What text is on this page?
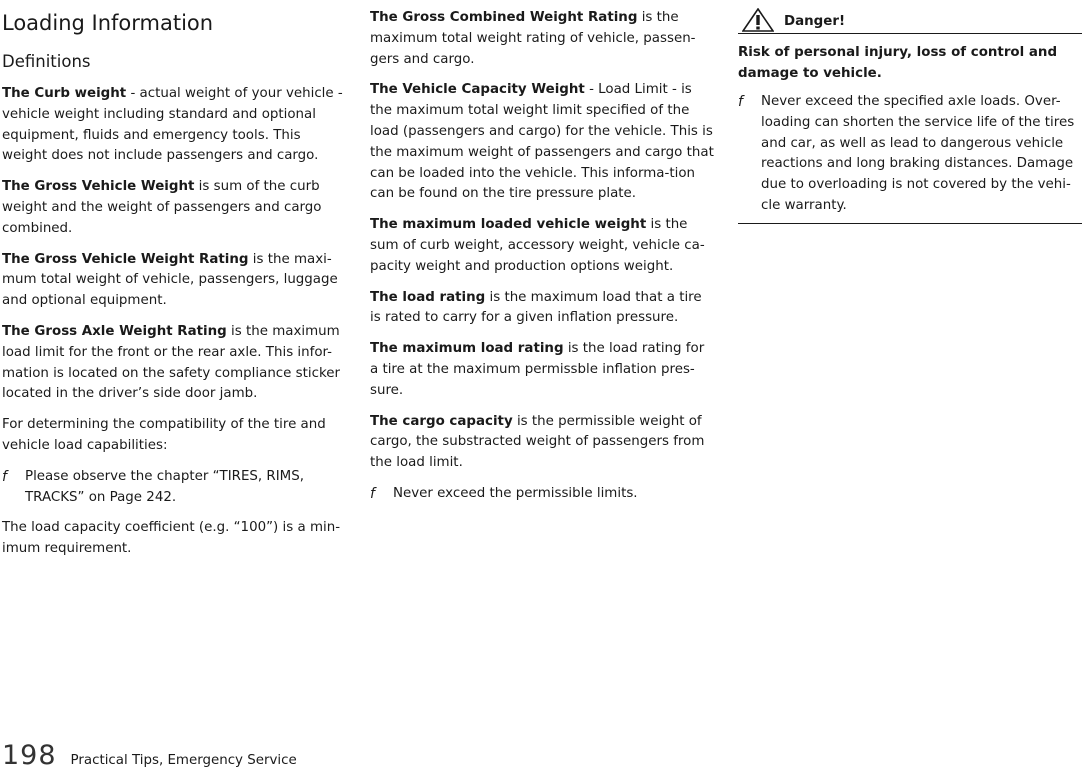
Loading Information
Definitions

The Curb weight - actual weight of your vehicle - vehicle weight including standard and optional equipment, fluids and emergency tools. This weight does not include passengers and cargo.

The Gross Vehicle Weight is sum of the curb weight and the weight of passengers and cargo combined.

The Gross Vehicle Weight Rating is the maxi-mum total weight of vehicle, passengers, luggage and optional equipment.

The Gross Axle Weight Rating is the maximum load limit for the front or the rear axle. This infor-mation is located on the safety compliance sticker located in the driver’s side door jamb.

For determining the compatibility of the tire and vehicle load capabilities:

f	Please observe the chapter “TIRES, RIMS, TRACKS” on Page 242.

The load capacity coefficient (e.g. “100”) is a min-imum requirement.

The Gross Combined Weight Rating is the maximum total weight rating of vehicle, passen-gers and cargo.

The Vehicle Capacity Weight - Load Limit - is the maximum total weight limit specified of the load (passengers and cargo) for the vehicle. This is the maximum weight of passengers and cargo that can be loaded into the vehicle. This informa-tion can be found on the tire pressure plate.

The maximum loaded vehicle weight is the sum of curb weight, accessory weight, vehicle ca-pacity weight and production options weight.

The load rating is the maximum load that a tire is rated to carry for a given inflation pressure.

The maximum load rating is the load rating for a tire at the maximum permissble inflation pres-sure.

The cargo capacity is the permissible weight of cargo, the substracted weight of passengers from the load limit.

f	Never exceed the permissible limits.
Danger!
Risk of personal injury, loss of control and damage to vehicle.
f	Never exceed the specified axle loads. Over-loading can shorten the service life of the tires and car, as well as lead to dangerous vehicle reactions and long braking distances. Damage due to overloading is not covered by the vehi-cle warranty.
198 Practical Tips, Emergency Service
